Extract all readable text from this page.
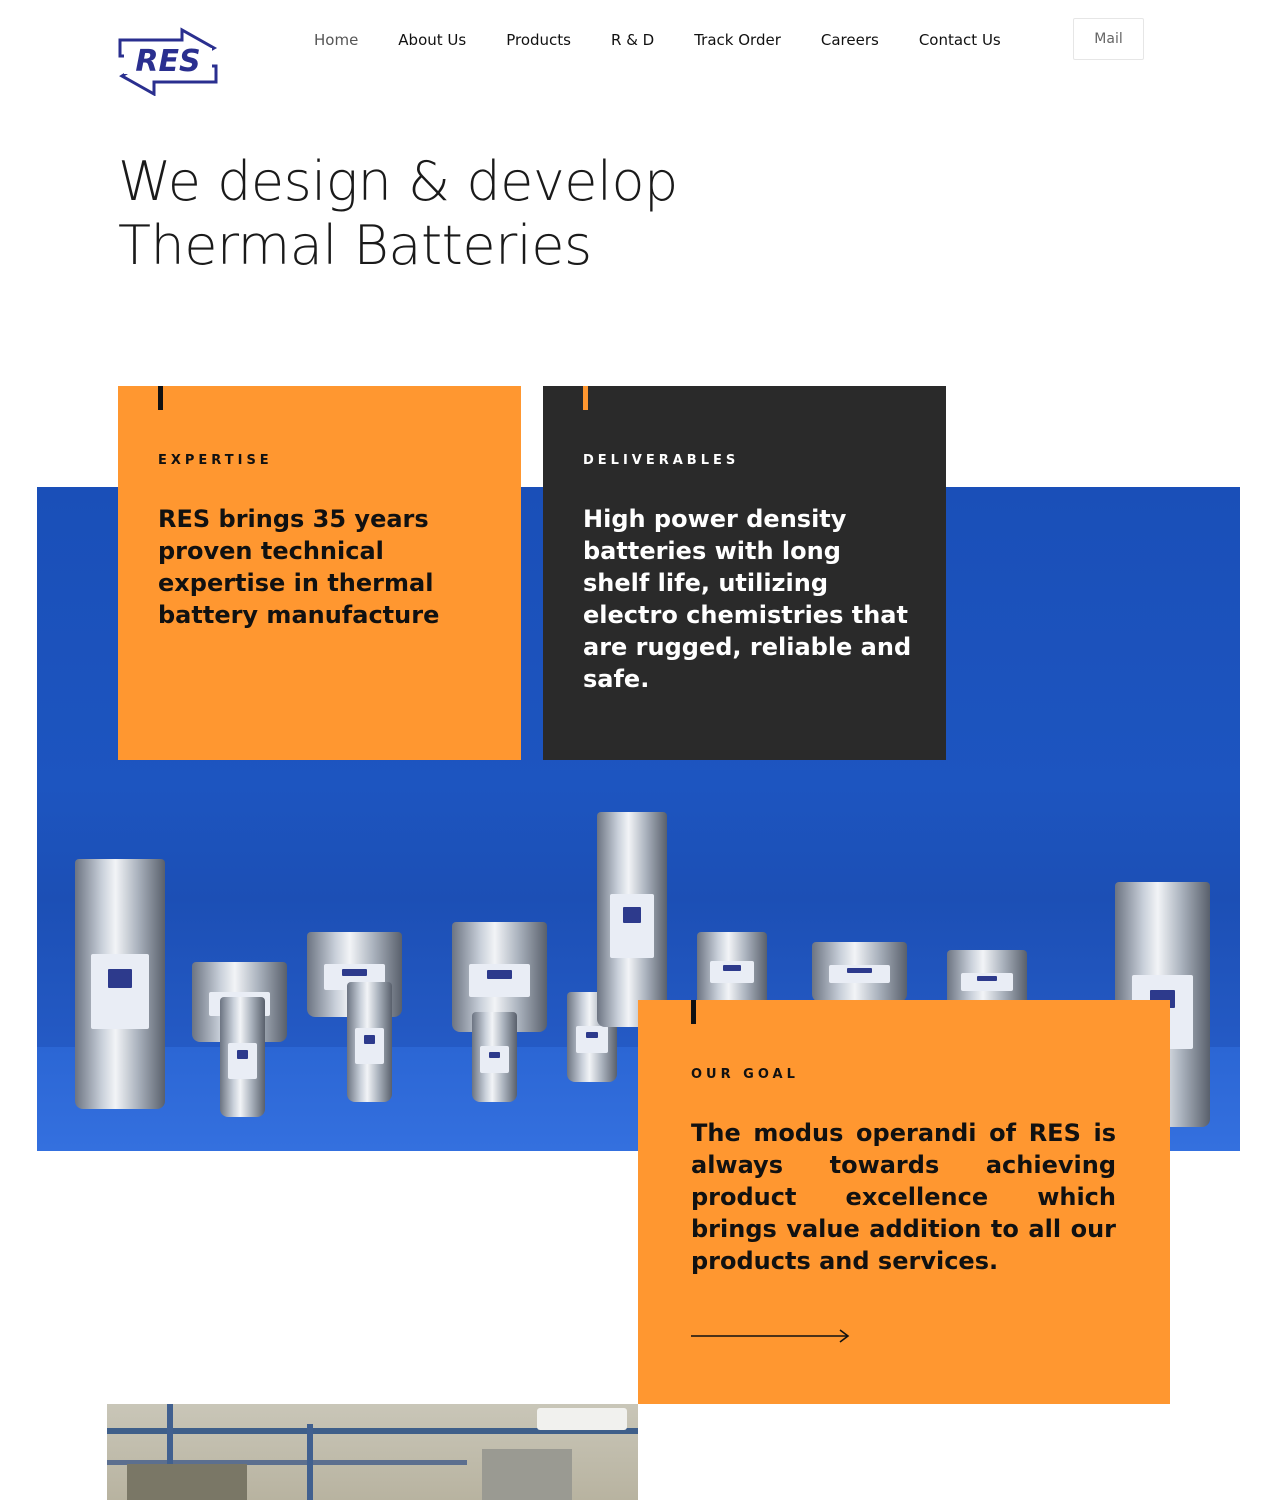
RES
Home	About Us	Products	R & D	Track Order	Careers	Contact Us	Mail
We design & develop
Thermal Batteries
EXPERTISE
RES brings 35 years proven technical expertise in thermal battery manufacture
DELIVERABLES
High power density batteries with long shelf life, utilizing electro chemistries that are rugged, reliable and safe.
OUR GOAL
The modus operandi of RES is always towards achieving product excellence which brings value addition to all our products and services.
